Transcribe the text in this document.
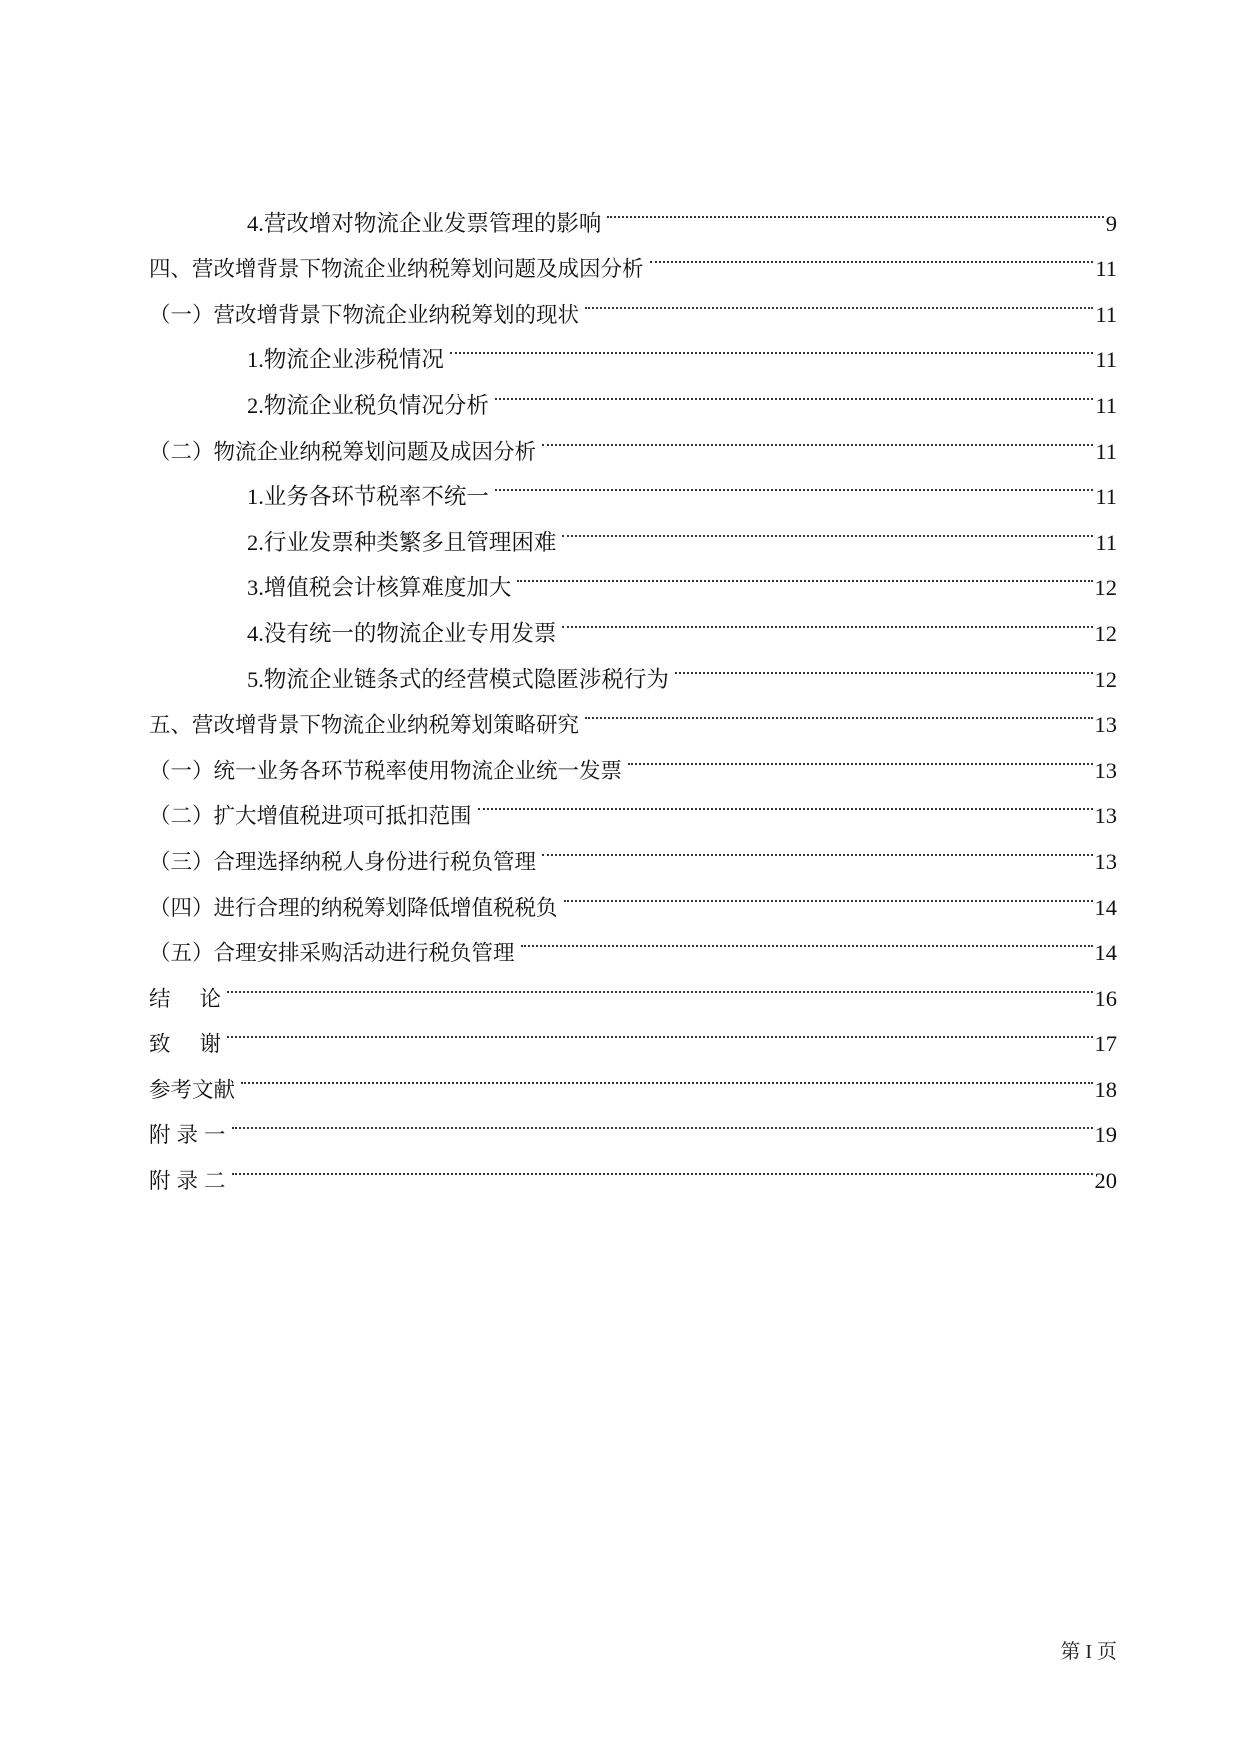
4.营改增对物流企业发票管理的影响	9
四、营改增背景下物流企业纳税筹划问题及成因分析	11
（一）营改增背景下物流企业纳税筹划的现状	11
1.物流企业涉税情况	11
2.物流企业税负情况分析	11
（二）物流企业纳税筹划问题及成因分析	11
1.业务各环节税率不统一	11
2.行业发票种类繁多且管理困难	11
3.增值税会计核算难度加大	12
4.没有统一的物流企业专用发票	12
5.物流企业链条式的经营模式隐匿涉税行为	12
五、营改增背景下物流企业纳税筹划策略研究	13
（一）统一业务各环节税率使用物流企业统一发票	13
（二）扩大增值税进项可抵扣范围	13
（三）合理选择纳税人身份进行税负管理	13
（四）进行合理的纳税筹划降低增值税税负	14
（五）合理安排采购活动进行税负管理	14
结论	16
致谢	17
参考文献	18
附录一	19
附录二	20
第 I 页
